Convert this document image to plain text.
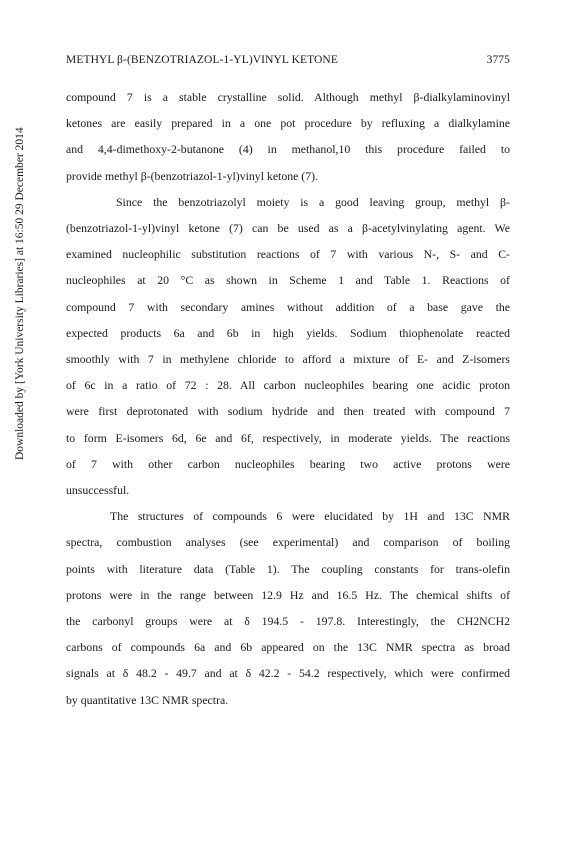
METHYL β-(BENZOTRIAZOL-1-YL)VINYL KETONE	3775
Downloaded by [York University Libraries] at 16:50 29 December 2014

compound 7 is a stable crystalline solid. Although methyl β-dialkylaminovinyl
ketones are easily prepared in a one pot procedure by refluxing a dialkylamine
and 4,4-dimethoxy-2-butanone (4) in methanol,10 this procedure failed to
provide methyl β-(benzotriazol-1-yl)vinyl ketone (7).

Since the benzotriazolyl moiety is a good leaving group, methyl β-
(benzotriazol-1-yl)vinyl ketone (7) can be used as a β-acetylvinylating agent. We
examined nucleophilic substitution reactions of 7 with various N-, S- and C-
nucleophiles at 20 °C as shown in Scheme 1 and Table 1. Reactions of
compound 7 with secondary amines without addition of a base gave the
expected products 6a and 6b in high yields. Sodium thiophenolate reacted
smoothly with 7 in methylene chloride to afford a mixture of E- and Z-isomers
of 6c in a ratio of 72 : 28. All carbon nucleophiles bearing one acidic proton
were first deprotonated with sodium hydride and then treated with compound 7
to form E-isomers 6d, 6e and 6f, respectively, in moderate yields. The reactions
of 7 with other carbon nucleophiles bearing two active protons were
unsuccessful.

The structures of compounds 6 were elucidated by 1H and 13C NMR
spectra, combustion analyses (see experimental) and comparison of boiling
points with literature data (Table 1). The coupling constants for trans-olefin
protons were in the range between 12.9 Hz and 16.5 Hz. The chemical shifts of
the carbonyl groups were at δ 194.5 - 197.8. Interestingly, the CH2NCH2
carbons of compounds 6a and 6b appeared on the 13C NMR spectra as broad
signals at δ 48.2 - 49.7 and at δ 42.2 - 54.2 respectively, which were confirmed
by quantitative 13C NMR spectra.
